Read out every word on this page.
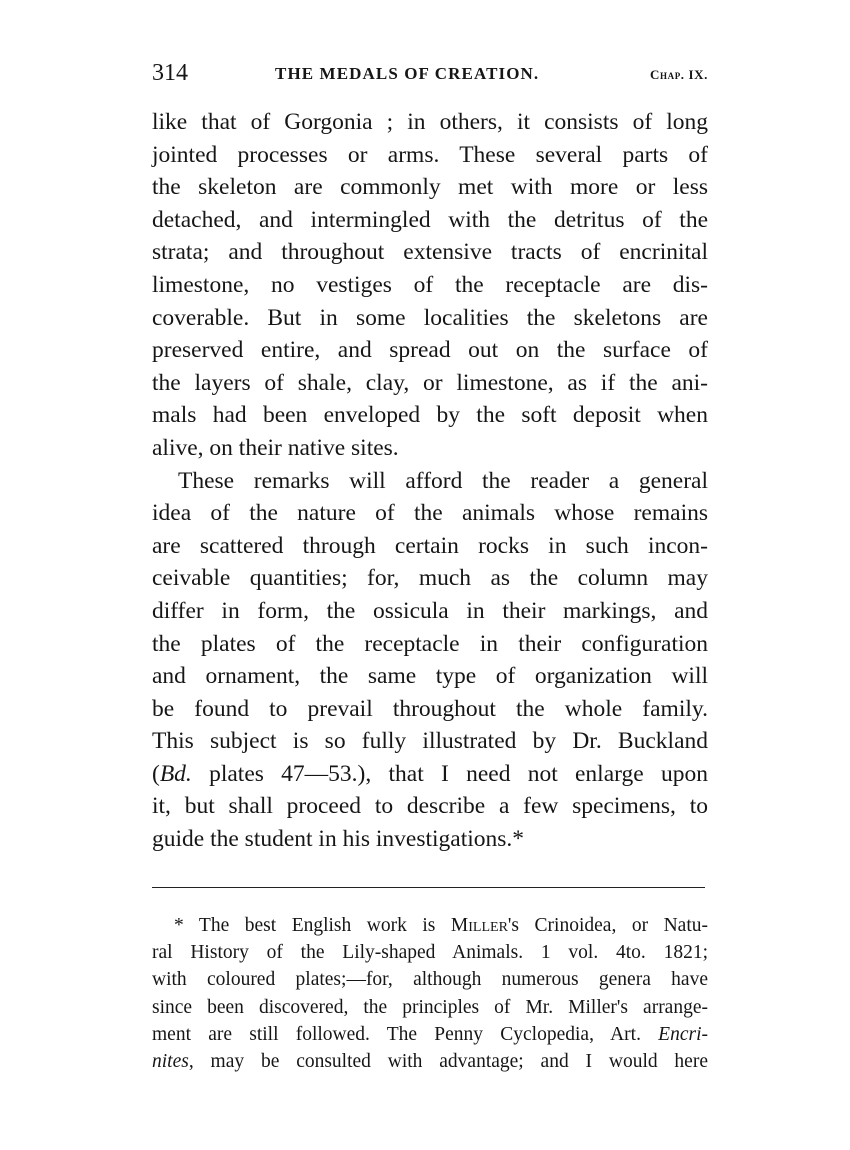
314	THE MEDALS OF CREATION.	Chap. IX.
like that of Gorgonia ; in others, it consists of long
jointed processes or arms. These several parts of
the skeleton are commonly met with more or less
detached, and intermingled with the detritus of the
strata; and throughout extensive tracts of encrinital
limestone, no vestiges of the receptacle are dis-
coverable. But in some localities the skeletons are
preserved entire, and spread out on the surface of
the layers of shale, clay, or limestone, as if the ani-
mals had been enveloped by the soft deposit when
alive, on their native sites.
These remarks will afford the reader a general
idea of the nature of the animals whose remains
are scattered through certain rocks in such incon-
ceivable quantities; for, much as the column may
differ in form, the ossicula in their markings, and
the plates of the receptacle in their configuration
and ornament, the same type of organization will
be found to prevail throughout the whole family.
This subject is so fully illustrated by Dr. Buckland
(Bd. plates 47—53.), that I need not enlarge upon
it, but shall proceed to describe a few specimens, to
guide the student in his investigations.*
* The best English work is Miller's Crinoidea, or Natu-
ral History of the Lily-shaped Animals. 1 vol. 4to. 1821;
with coloured plates;—for, although numerous genera have
since been discovered, the principles of Mr. Miller's arrange-
ment are still followed. The Penny Cyclopedia, Art. Encri-
nites, may be consulted with advantage; and I would here
